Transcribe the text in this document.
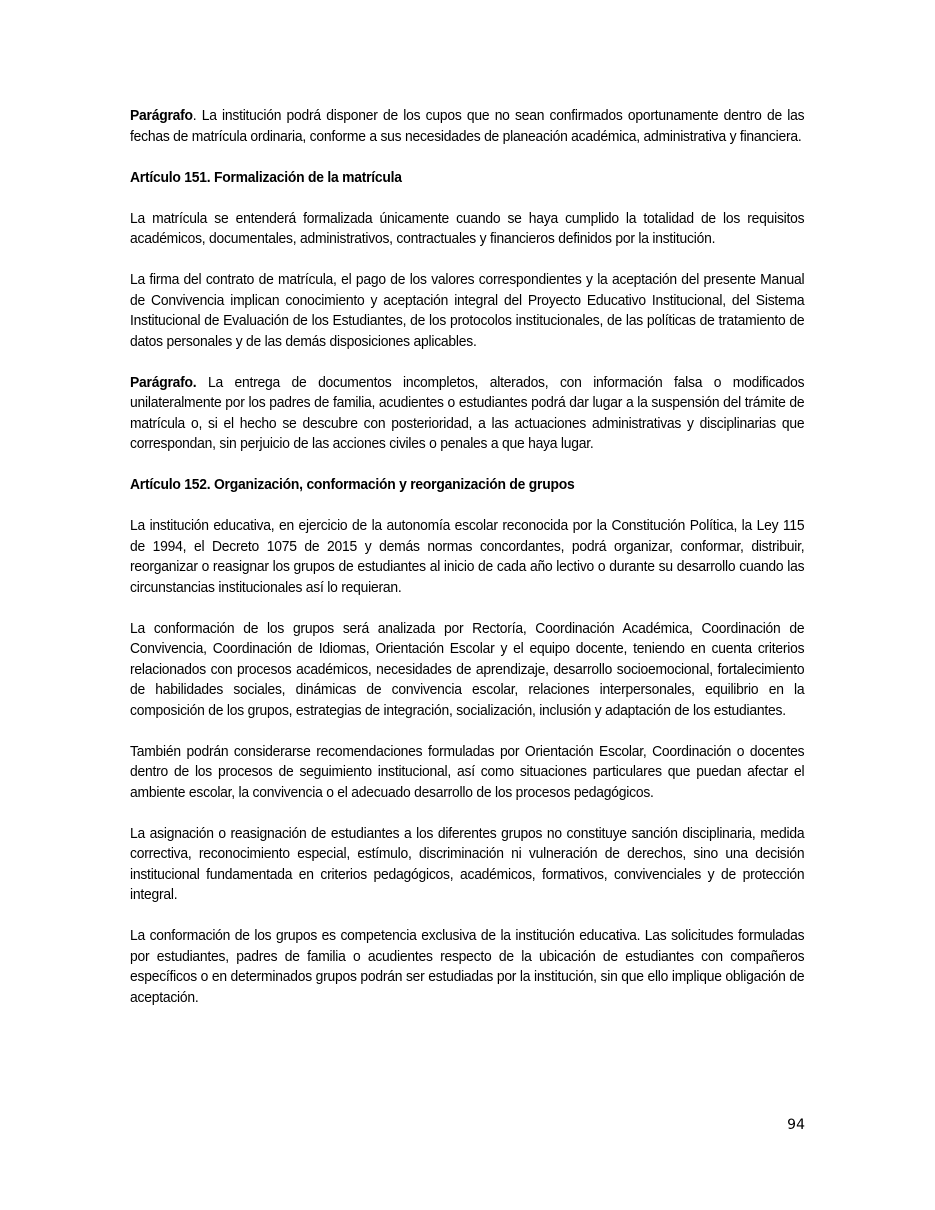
Parágrafo. La institución podrá disponer de los cupos que no sean confirmados oportunamente dentro de las fechas de matrícula ordinaria, conforme a sus necesidades de planeación académica, administrativa y financiera.

Artículo 151. Formalización de la matrícula

La matrícula se entenderá formalizada únicamente cuando se haya cumplido la totalidad de los requisitos académicos, documentales, administrativos, contractuales y financieros definidos por la institución.

La firma del contrato de matrícula, el pago de los valores correspondientes y la aceptación del presente Manual de Convivencia implican conocimiento y aceptación integral del Proyecto Educativo Institucional, del Sistema Institucional de Evaluación de los Estudiantes, de los protocolos institucionales, de las políticas de tratamiento de datos personales y de las demás disposiciones aplicables.

Parágrafo. La entrega de documentos incompletos, alterados, con información falsa o modificados unilateralmente por los padres de familia, acudientes o estudiantes podrá dar lugar a la suspensión del trámite de matrícula o, si el hecho se descubre con posterioridad, a las actuaciones administrativas y disciplinarias que correspondan, sin perjuicio de las acciones civiles o penales a que haya lugar.

Artículo 152. Organización, conformación y reorganización de grupos

La institución educativa, en ejercicio de la autonomía escolar reconocida por la Constitución Política, la Ley 115 de 1994, el Decreto 1075 de 2015 y demás normas concordantes, podrá organizar, conformar, distribuir, reorganizar o reasignar los grupos de estudiantes al inicio de cada año lectivo o durante su desarrollo cuando las circunstancias institucionales así lo requieran.

La conformación de los grupos será analizada por Rectoría, Coordinación Académica, Coordinación de Convivencia, Coordinación de Idiomas, Orientación Escolar y el equipo docente, teniendo en cuenta criterios relacionados con procesos académicos, necesidades de aprendizaje, desarrollo socioemocional, fortalecimiento de habilidades sociales, dinámicas de convivencia escolar, relaciones interpersonales, equilibrio en la composición de los grupos, estrategias de integración, socialización, inclusión y adaptación de los estudiantes.

También podrán considerarse recomendaciones formuladas por Orientación Escolar, Coordinación o docentes dentro de los procesos de seguimiento institucional, así como situaciones particulares que puedan afectar el ambiente escolar, la convivencia o el adecuado desarrollo de los procesos pedagógicos.

La asignación o reasignación de estudiantes a los diferentes grupos no constituye sanción disciplinaria, medida correctiva, reconocimiento especial, estímulo, discriminación ni vulneración de derechos, sino una decisión institucional fundamentada en criterios pedagógicos, académicos, formativos, convivenciales y de protección integral.

La conformación de los grupos es competencia exclusiva de la institución educativa. Las solicitudes formuladas por estudiantes, padres de familia o acudientes respecto de la ubicación de estudiantes con compañeros específicos o en determinados grupos podrán ser estudiadas por la institución, sin que ello implique obligación de aceptación.

94
